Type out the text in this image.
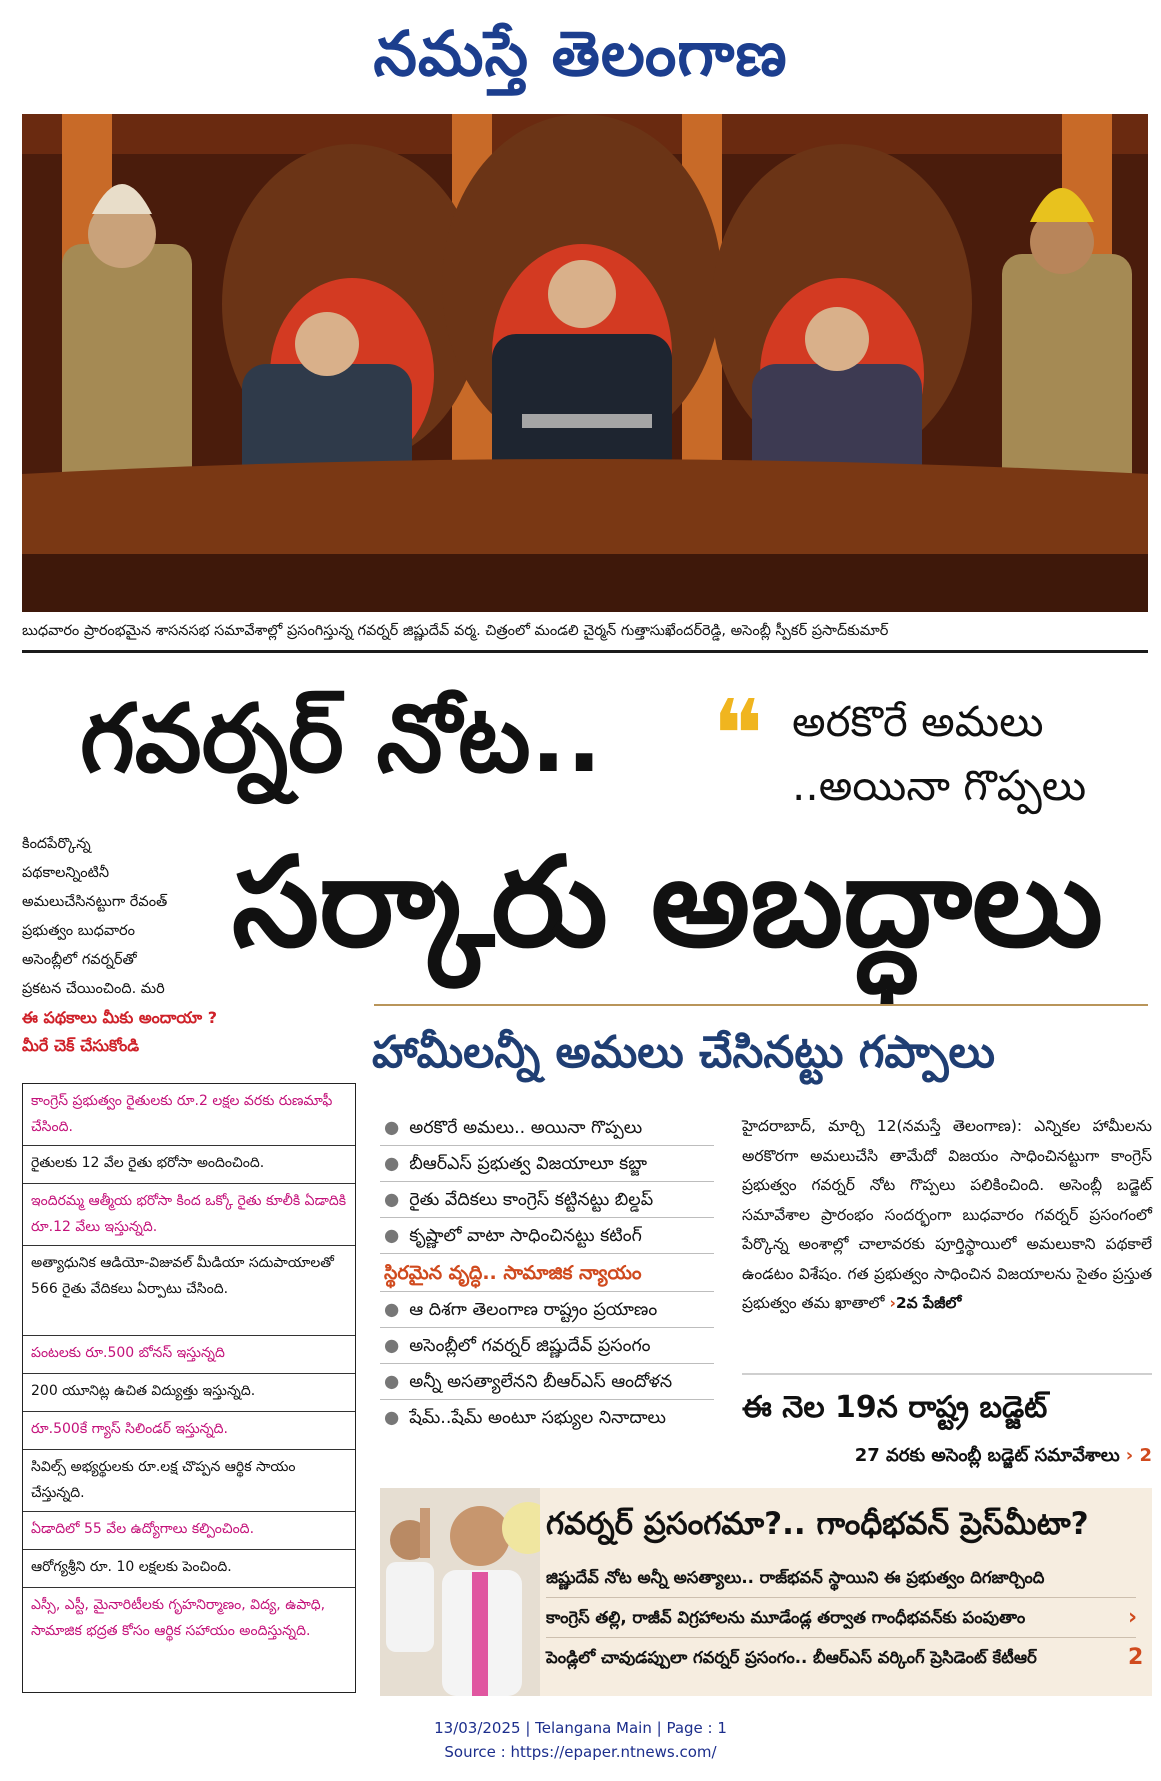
నమస్తే తెలంగాణ
బుధవారం ప్రారంభమైన శాసనసభ సమావేశాల్లో ప్రసంగిస్తున్న గవర్నర్ జిష్ణుదేవ్ వర్మ. చిత్రంలో మండలి చైర్మన్ గుత్తాసుఖేందర్‌రెడ్డి, అసెంబ్లీ స్పీకర్ ప్రసాద్‌కుమార్
గవర్నర్ నోట..	❝ అరకొరే అమలు
..అయినా గొప్పలు
సర్కారు అబద్ధాలు
కిందపేర్కొన్న
పథకాలన్నింటినీ
అమలుచేసినట్టుగా రేవంత్
ప్రభుత్వం బుధవారం
అసెంబ్లీలో గవర్నర్‌తో
ప్రకటన చేయించింది. మరి
ఈ పథకాలు మీకు అందాయా ?
మీరే చెక్ చేసుకోండి	హామీలన్నీ అమలు చేసినట్టు గప్పాలు
కాంగ్రెస్ ప్రభుత్వం రైతులకు రూ.2 లక్షల వరకు రుణమాఫీ చేసింది.
రైతులకు 12 వేల రైతు భరోసా అందించింది.
ఇందిరమ్మ ఆత్మీయ భరోసా కింద ఒక్కో రైతు కూలీకి ఏడాదికి రూ.12 వేలు ఇస్తున్నది.
అత్యాధునిక ఆడియో-విజువల్ మీడియా సదుపాయాలతో 566 రైతు వేదికలు ఏర్పాటు చేసింది.
పంటలకు రూ.500 బోనస్ ఇస్తున్నది
200 యూనిట్ల ఉచిత విద్యుత్తు ఇస్తున్నది.
రూ.500కే గ్యాస్ సిలిండర్ ఇస్తున్నది.
సివిల్స్ అభ్యర్థులకు రూ.లక్ష చొప్పన ఆర్థిక సాయం చేస్తున్నది.
ఏడాదిలో 55 వేల ఉద్యోగాలు కల్పించింది.
ఆరోగ్యశ్రీని రూ. 10 లక్షలకు పెంచింది.
ఎస్సీ, ఎస్టీ, మైనారిటీలకు గృహనిర్మాణం, విద్య, ఉపాధి, సామాజిక భద్రత కోసం ఆర్థిక సహాయం అందిస్తున్నది.
● అరకొరే అమలు.. అయినా గొప్పలు
● బీఆర్‌ఎస్ ప్రభుత్వ విజయాలూ కబ్జా
● రైతు వేదికలు కాంగ్రెస్ కట్టినట్టు బిల్డప్
● కృష్ణాలో వాటా సాధించినట్టు కటింగ్
స్థిరమైన వృద్ధి.. సామాజిక న్యాయం
● ఆ దిశగా తెలంగాణ రాష్ట్రం ప్రయాణం
● అసెంబ్లీలో గవర్నర్ జిష్ణుదేవ్ ప్రసంగం
● అన్నీ అసత్యాలేనని బీఆర్‌ఎస్ ఆందోళన
● షేమ్..షేమ్ అంటూ సభ్యుల నినాదాలు
హైదరాబాద్, మార్చి 12(నమస్తే తెలంగాణ): ఎన్నికల హామీలను అరకొరగా అమలుచేసి తామేదో విజయం సాధించినట్టుగా కాంగ్రెస్ ప్రభుత్వం గవర్నర్ నోట గొప్పలు పలికించింది. అసెంబ్లీ బడ్జెట్ సమావేశాల ప్రారంభం సందర్భంగా బుధవారం గవర్నర్ ప్రసంగంలో పేర్కొన్న అంశాల్లో చాలావరకు పూర్తిస్థాయిలో అమలుకాని పథకాలే ఉండటం విశేషం. గత ప్రభుత్వం సాధించిన విజయాలను సైతం ప్రస్తుత ప్రభుత్వం తమ ఖాతాలో ›2వ పేజీలో
ఈ నెల 19న రాష్ట్ర బడ్జెట్
27 వరకు అసెంబ్లీ బడ్జెట్ సమావేశాలు › 2
గవర్నర్ ప్రసంగమా?.. గాంధీభవన్ ప్రెస్‌మీటా?
జిష్ణుదేవ్ నోట అన్నీ అసత్యాలు.. రాజ్‌భవన్ స్థాయిని ఈ ప్రభుత్వం దిగజార్చింది
కాంగ్రెస్ తల్లి, రాజీవ్ విగ్రహాలను మూడేండ్ల తర్వాత గాంధీభవన్‌కు పంపుతాం
పెండ్లిలో చావుడప్పులా గవర్నర్ ప్రసంగం.. బీఆర్‌ఎస్ వర్కింగ్ ప్రెసిడెంట్ కేటీఆర్
› 2
13/03/2025 | Telangana Main | Page : 1
Source : https://epaper.ntnews.com/
